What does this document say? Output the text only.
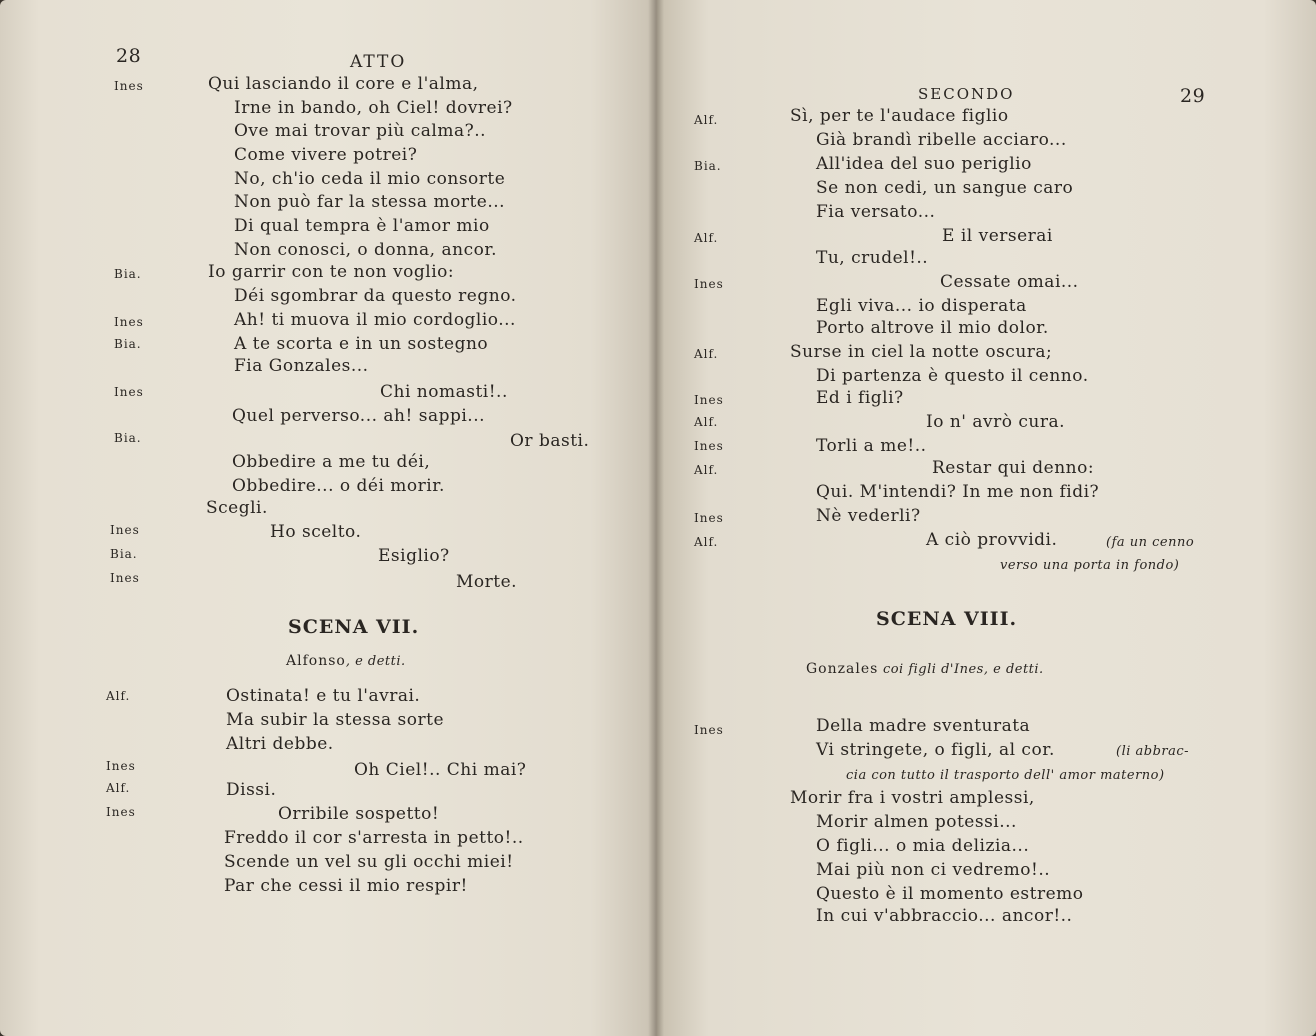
28	ATTO
Ines	Qui lasciando il core e l'alma,
Irne in bando, oh Ciel! dovrei?
Ove mai trovar più calma?..
Come vivere potrei?
No, ch'io ceda il mio consorte
Non può far la stessa morte...
Di qual tempra è l'amor mio
Non conosci, o donna, ancor.
Bia.	Io garrir con te non voglio:
Déi sgombrar da questo regno.
Ines	Ah! ti muova il mio cordoglio...
Bia.	A te scorta e in un sostegno
Fia Gonzales...
Ines	Chi nomasti!..
Quel perverso... ah! sappi...
Bia.	Or basti.
Obbedire a me tu déi,
Obbedire... o déi morir.
Scegli.
Ines	Ho scelto.
Bia.	Esiglio?
Ines	Morte.
SCENA VII.
Alfonso, e detti.
Alf.	Ostinata! e tu l'avrai.
Ma subir la stessa sorte
Altri debbe.
Ines	Oh Ciel!.. Chi mai?
Alf.	Dissi.
Ines	Orribile sospetto!
Freddo il cor s'arresta in petto!..
Scende un vel su gli occhi miei!
Par che cessi il mio respir!
SECONDO	29
Alf.	Sì, per te l'audace figlio
Già brandì ribelle acciaro...
Bia.	All'idea del suo periglio
Se non cedi, un sangue caro
Fia versato...
Alf.	E il verserai
Tu, crudel!..
Ines	Cessate omai...
Egli viva... io disperata
Porto altrove il mio dolor.
Alf.	Surse in ciel la notte oscura;
Di partenza è questo il cenno.
Ines	Ed i figli?
Alf.	Io n' avrò cura.
Ines	Torli a me!..
Alf.	Restar qui denno:
Qui. M'intendi? In me non fidi?
Ines	Nè vederli?
Alf.	A ciò provvidi.	(fa un cenno
verso una porta in fondo)
SCENA VIII.
Gonzales coi figli d'Ines, e detti.
Ines	Della madre sventurata
Vi stringete, o figli, al cor.	(li abbrac-
cia con tutto il trasporto dell' amor materno)
Morir fra i vostri amplessi,
Morir almen potessi...
O figli... o mia delizia...
Mai più non ci vedremo!..
Questo è il momento estremo
In cui v'abbraccio... ancor!..
